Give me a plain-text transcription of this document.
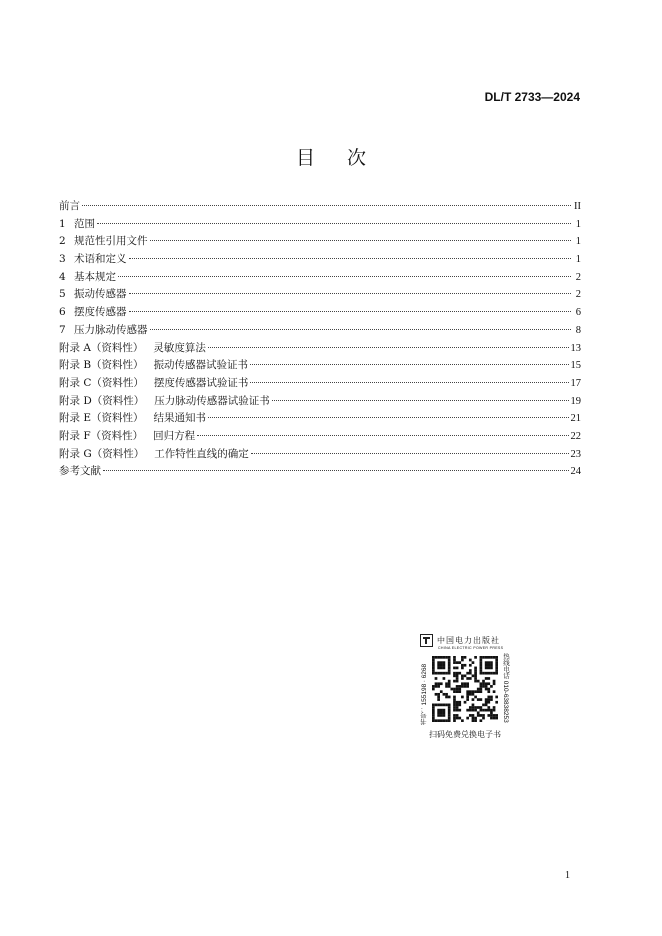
DL/T 2733—2024
目次
前言	II
1 范围	1
2 规范性引用文件	1
3 术语和定义	1
4 基本规定	2
5 振动传感器	2
6 摆度传感器	6
7 压力脉动传感器	8
附录 A（资料性） 灵敏度算法	13
附录 B（资料性） 振动传感器试验证书	15
附录 C（资料性） 摆度传感器试验证书	17
附录 D（资料性） 压力脉动传感器试验证书	19
附录 E（资料性） 结果通知书	21
附录 F（资料性） 回归方程	22
附录 G（资料性） 工作特性直线的确定	23
参考文献	24
中国电力出版社
CHINA ELECTRIC POWER PRESS
书号：155198 ∙ 6268	热线电话 010-63838253
扫码免费兑换电子书
1
